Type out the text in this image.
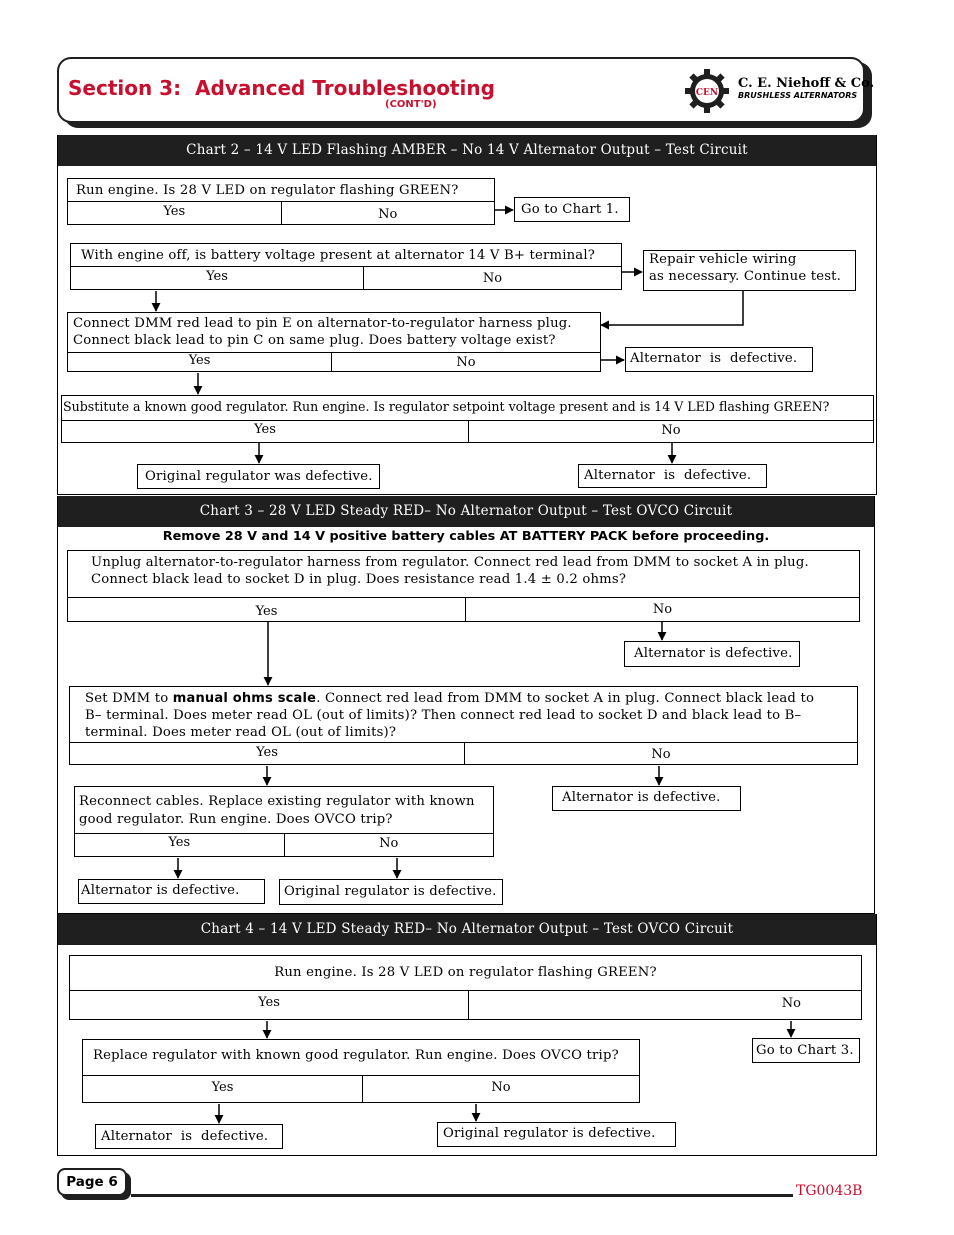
Section 3:  Advanced Troubleshooting
(CONT'D)
CEN
C. E. Niehoff & Co.
BRUSHLESS ALTERNATORS
Chart 2 – 14 V LED Flashing AMBER – No 14 V Alternator Output – Test Circuit
Run engine. Is 28 V LED on regulator flashing GREEN?
Yes	No	Go to Chart 1.
With engine off, is battery voltage present at alternator 14 V B+ terminal?
Yes	No
Repair vehicle wiring
as necessary. Continue test.
Connect DMM red lead to pin E on alternator-to-regulator harness plug.
Connect black lead to pin C on same plug. Does battery voltage exist?
Yes	No	Alternator  is  defective.
Substitute a known good regulator. Run engine. Is regulator setpoint voltage present and is 14 V LED flashing GREEN?
Yes	No
Original regulator was defective.	Alternator  is  defective.
Chart 3 – 28 V LED Steady RED– No Alternator Output – Test OVCO Circuit
Remove 28 V and 14 V positive battery cables AT BATTERY PACK before proceeding.
Unplug alternator-to-regulator harness from regulator. Connect red lead from DMM to socket A in plug.
Connect black lead to socket D in plug. Does resistance read 1.4 ± 0.2 ohms?
Yes	No
Alternator is defective.
Set DMM to manual ohms scale. Connect red lead from DMM to socket A in plug. Connect black lead to
B– terminal. Does meter read OL (out of limits)? Then connect red lead to socket D and black lead to B–
terminal. Does meter read OL (out of limits)?
Yes	No
Alternator is defective.
Reconnect cables. Replace existing regulator with known
good regulator. Run engine. Does OVCO trip?
Yes	No
Alternator is defective.	Original regulator is defective.
Chart 4 – 14 V LED Steady RED– No Alternator Output – Test OVCO Circuit
Run engine. Is 28 V LED on regulator flashing GREEN?
Yes	No
Go to Chart 3.
Replace regulator with known good regulator. Run engine. Does OVCO trip?
Yes	No
Alternator  is  defective.	Original regulator is defective.
Page 6
TG0043B
